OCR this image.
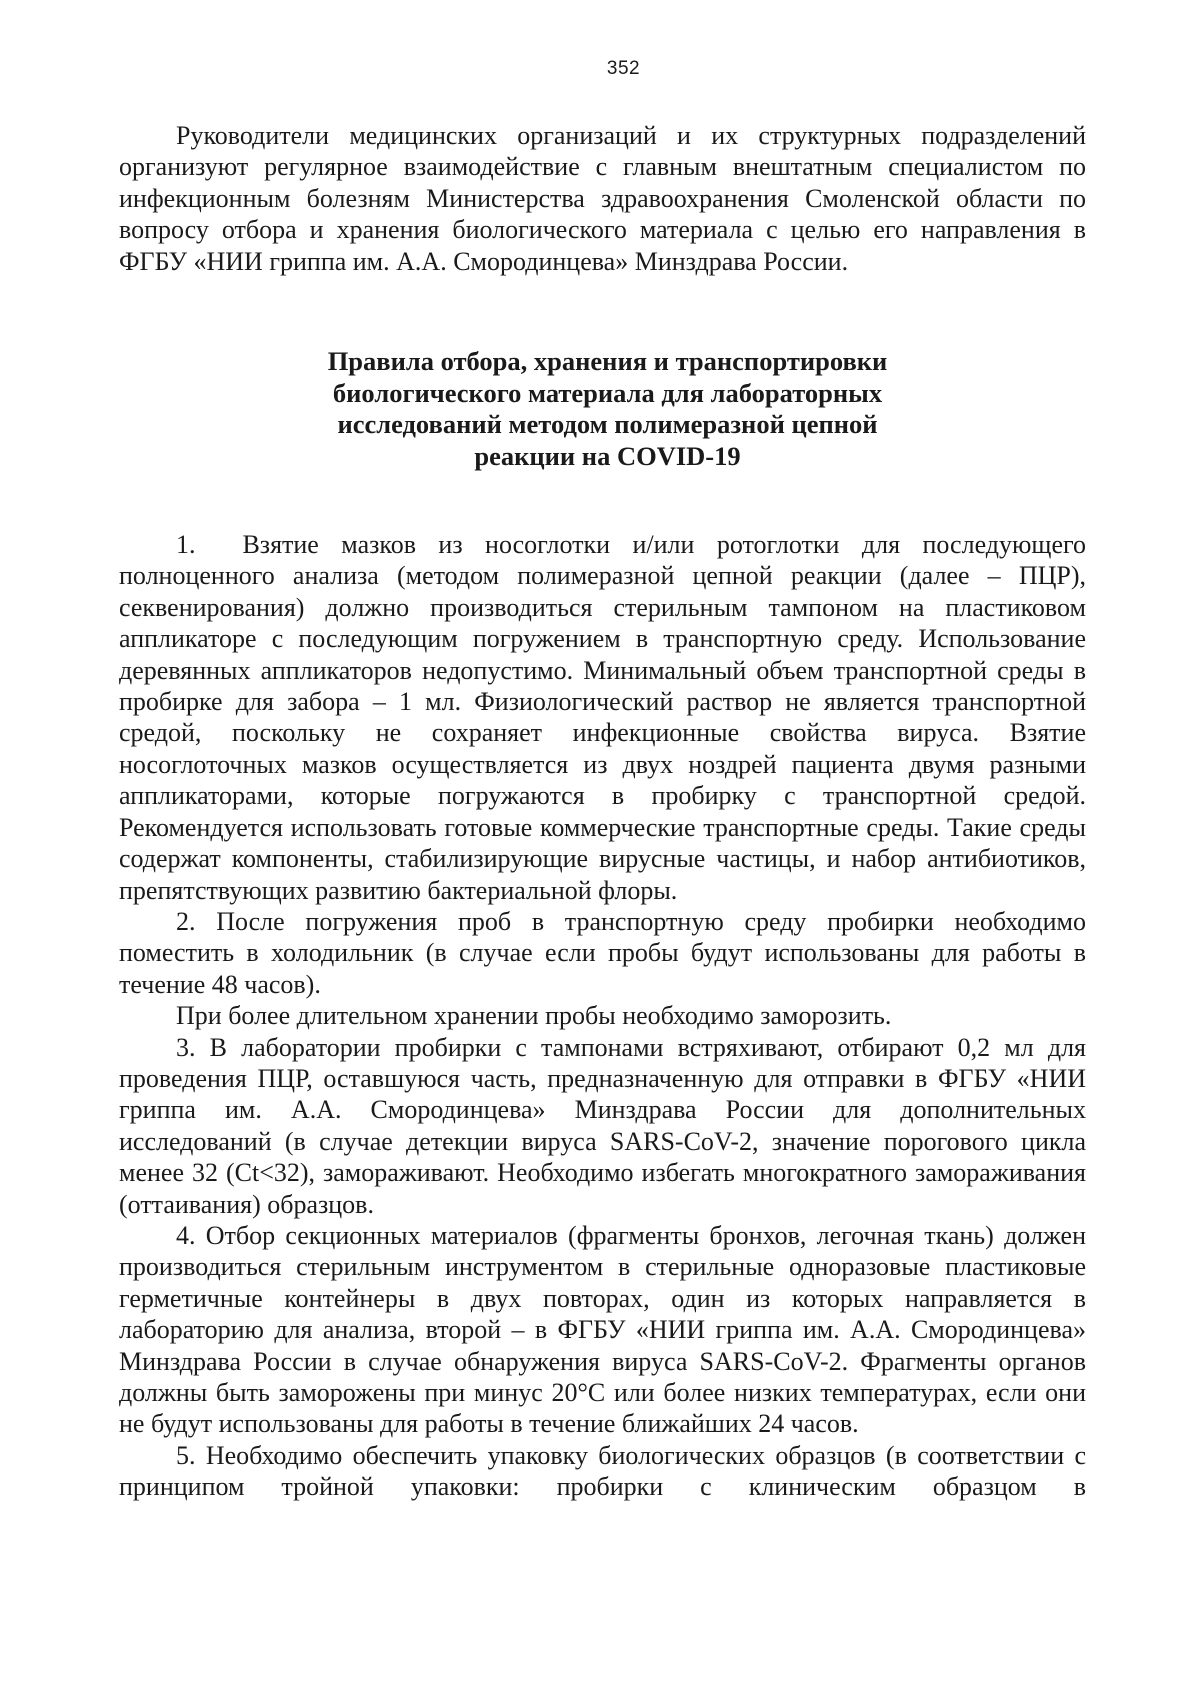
352

Руководители медицинских организаций и их структурных подразделений организуют регулярное взаимодействие с главным внештатным специалистом по инфекционным болезням Министерства здравоохранения Смоленской области по вопросу отбора и хранения биологического материала с целью его направления в ФГБУ «НИИ гриппа им. А.А. Смородинцева» Минздрава России.

Правила отбора, хранения и транспортировки
биологического материала для лабораторных
исследований методом полимеразной цепной
реакции на COVID-19

1. Взятие мазков из носоглотки и/или ротоглотки для последующего полноценного анализа (методом полимеразной цепной реакции (далее – ПЦР), секвенирования) должно производиться стерильным тампоном на пластиковом аппликаторе с последующим погружением в транспортную среду. Использование деревянных аппликаторов недопустимо. Минимальный объем транспортной среды в пробирке для забора – 1 мл. Физиологический раствор не является транспортной средой, поскольку не сохраняет инфекционные свойства вируса. Взятие носоглоточных мазков осуществляется из двух ноздрей пациента двумя разными аппликаторами, которые погружаются в пробирку с транспортной средой. Рекомендуется использовать готовые коммерческие транспортные среды. Такие среды содержат компоненты, стабилизирующие вирусные частицы, и набор антибиотиков, препятствующих развитию бактериальной флоры.

2. После погружения проб в транспортную среду пробирки необходимо поместить в холодильник (в случае если пробы будут использованы для работы в течение 48 часов).

При более длительном хранении пробы необходимо заморозить.

3. В лаборатории пробирки с тампонами встряхивают, отбирают 0,2 мл для проведения ПЦР, оставшуюся часть, предназначенную для отправки в ФГБУ «НИИ гриппа им. А.А. Смородинцева» Минздрава России для дополнительных исследований (в случае детекции вируса SARS-CoV-2, значение порогового цикла менее 32 (Ct<32), замораживают. Необходимо избегать многократного замораживания (оттаивания) образцов.

4. Отбор секционных материалов (фрагменты бронхов, легочная ткань) должен производиться стерильным инструментом в стерильные одноразовые пластиковые герметичные контейнеры в двух повторах, один из которых направляется в лабораторию для анализа, второй – в ФГБУ «НИИ гриппа им. А.А. Смородинцева» Минздрава России в случае обнаружения вируса SARS-CoV-2. Фрагменты органов должны быть заморожены при минус 20°С или более низких температурах, если они не будут использованы для работы в течение ближайших 24 часов.

5. Необходимо обеспечить упаковку биологических образцов (в соответствии с принципом тройной упаковки: пробирки с клиническим образцом в
